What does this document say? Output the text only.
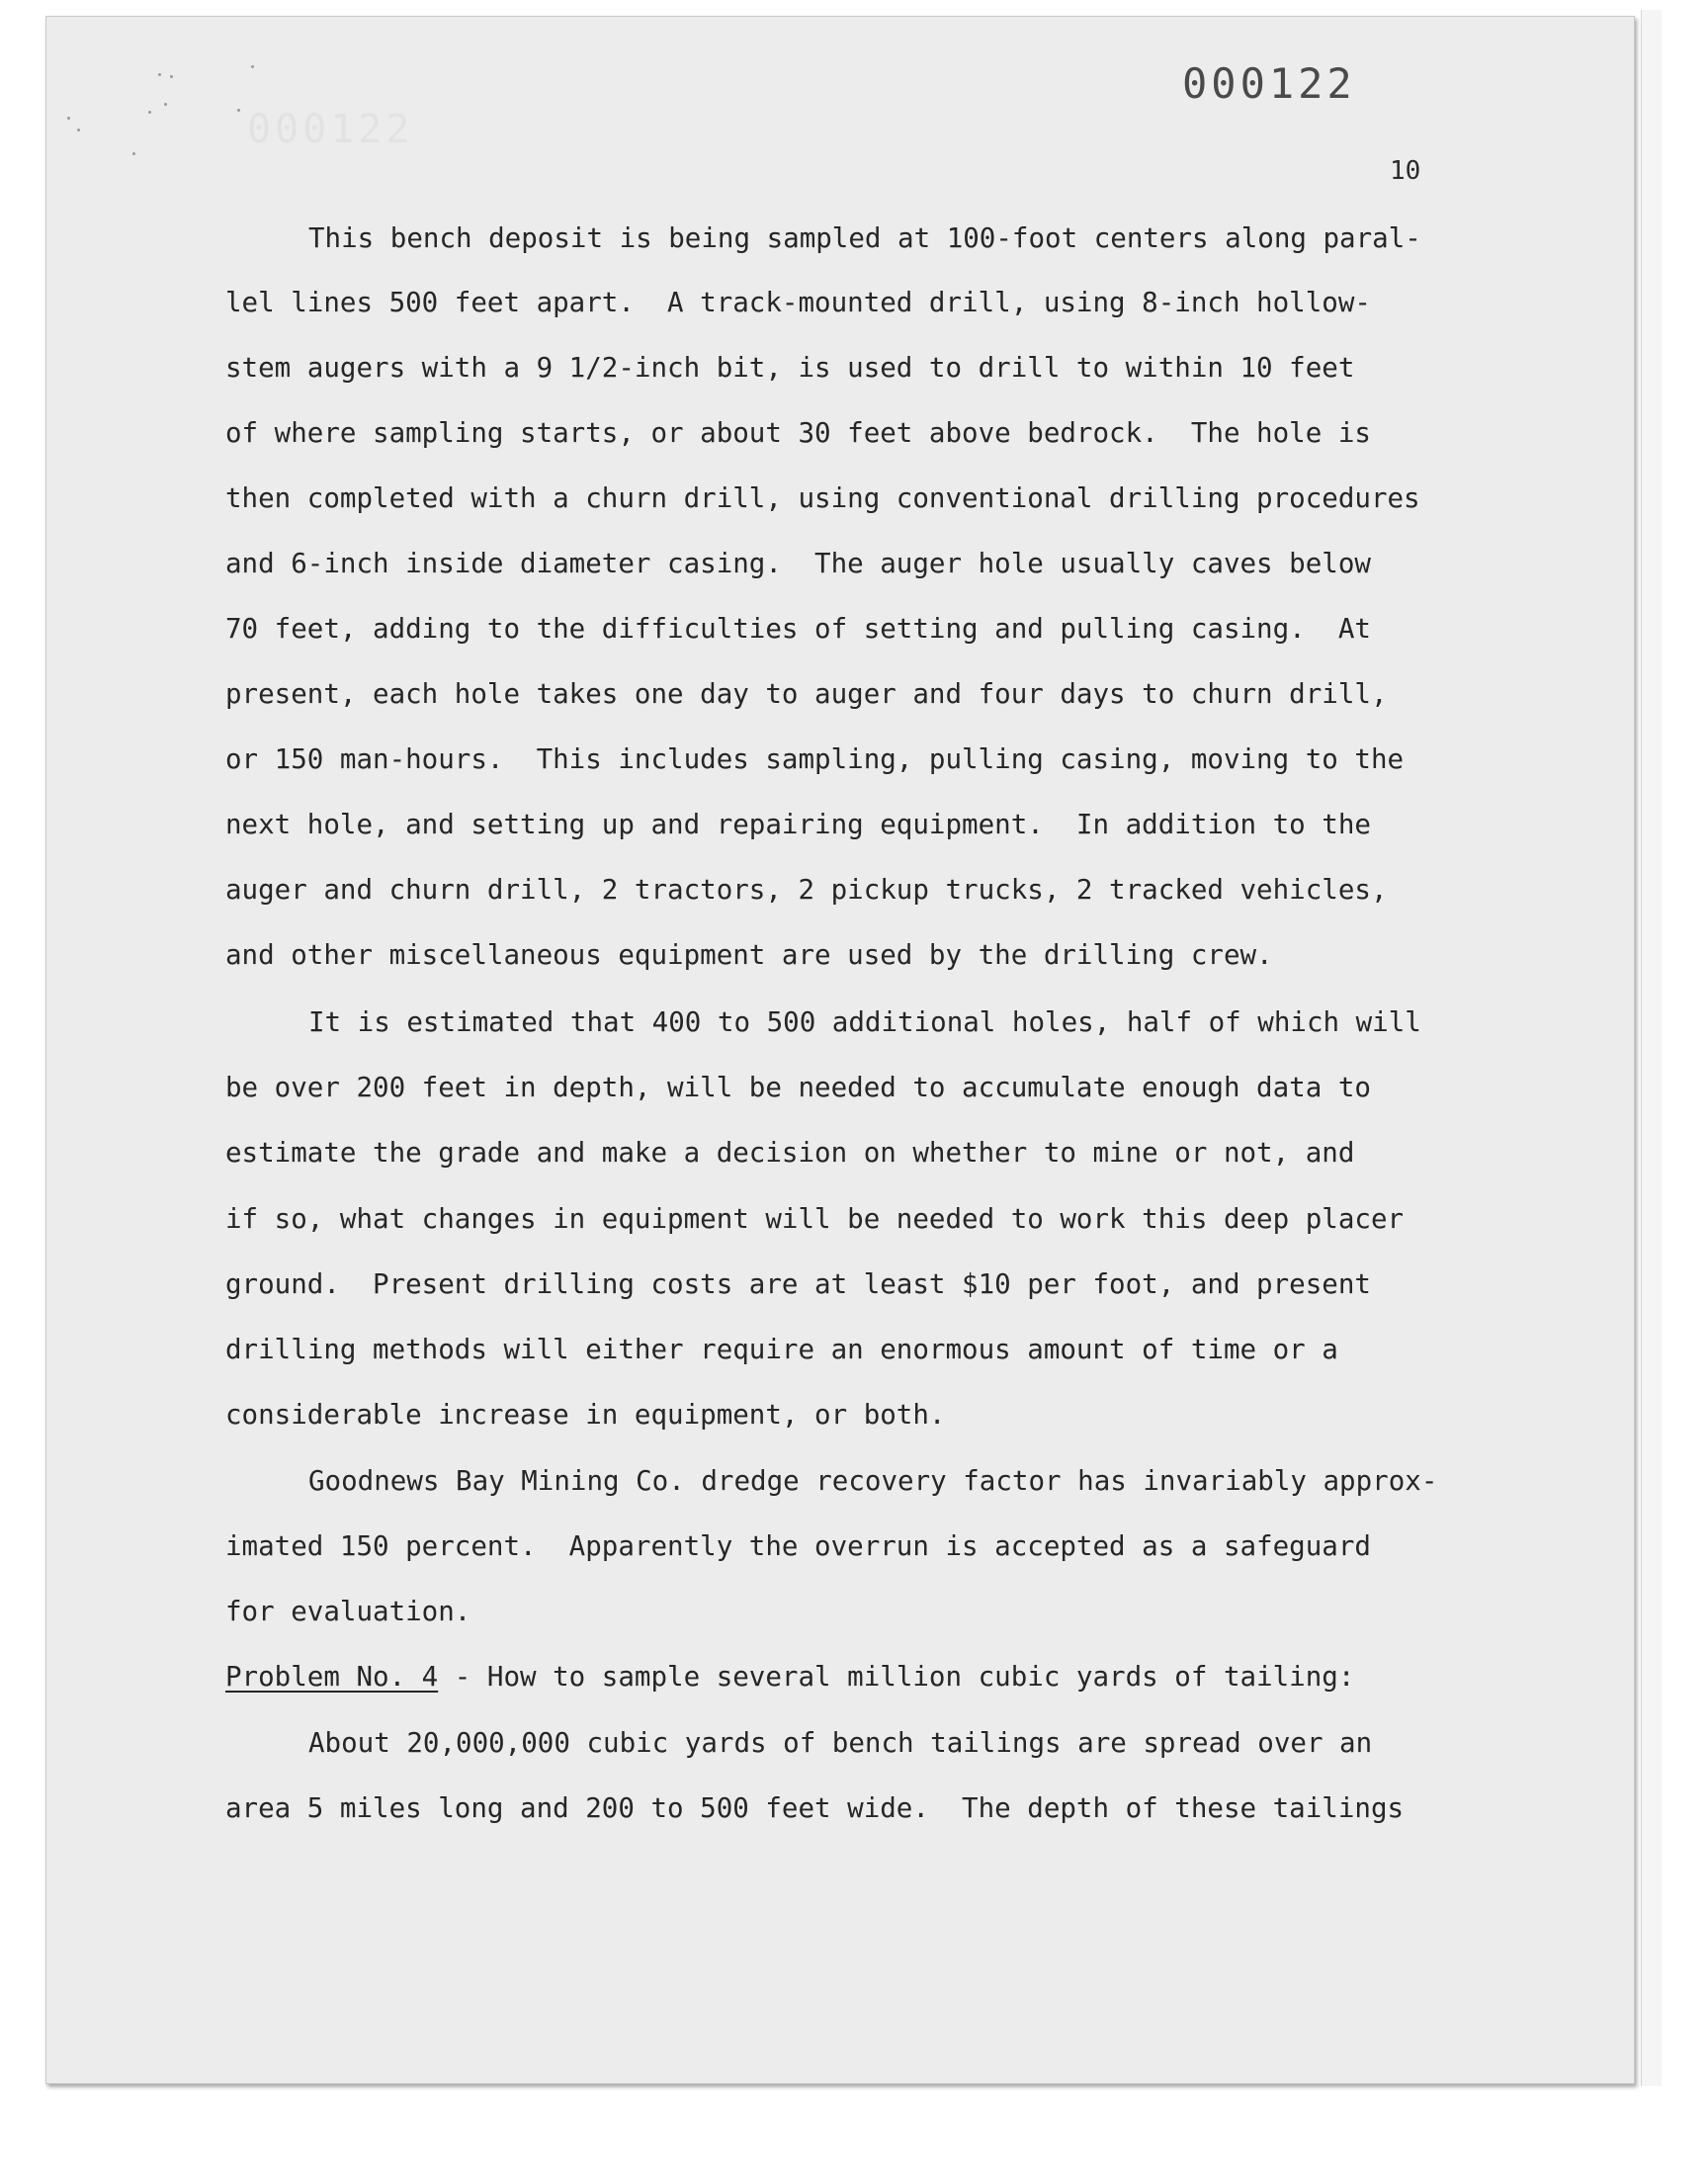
000122
000122
10
This bench deposit is being sampled at 100-foot centers along paral-
lel lines 500 feet apart.  A track-mounted drill, using 8-inch hollow-
stem augers with a 9 1/2-inch bit, is used to drill to within 10 feet
of where sampling starts, or about 30 feet above bedrock.  The hole is
then completed with a churn drill, using conventional drilling procedures
and 6-inch inside diameter casing.  The auger hole usually caves below
70 feet, adding to the difficulties of setting and pulling casing.  At
present, each hole takes one day to auger and four days to churn drill,
or 150 man-hours.  This includes sampling, pulling casing, moving to the
next hole, and setting up and repairing equipment.  In addition to the
auger and churn drill, 2 tractors, 2 pickup trucks, 2 tracked vehicles,
and other miscellaneous equipment are used by the drilling crew.
It is estimated that 400 to 500 additional holes, half of which will
be over 200 feet in depth, will be needed to accumulate enough data to
estimate the grade and make a decision on whether to mine or not, and
if so, what changes in equipment will be needed to work this deep placer
ground.  Present drilling costs are at least $10 per foot, and present
drilling methods will either require an enormous amount of time or a
considerable increase in equipment, or both.
Goodnews Bay Mining Co. dredge recovery factor has invariably approx-
imated 150 percent.  Apparently the overrun is accepted as a safeguard
for evaluation.
Problem No. 4 - How to sample several million cubic yards of tailing:
About 20,000,000 cubic yards of bench tailings are spread over an
area 5 miles long and 200 to 500 feet wide.  The depth of these tailings
